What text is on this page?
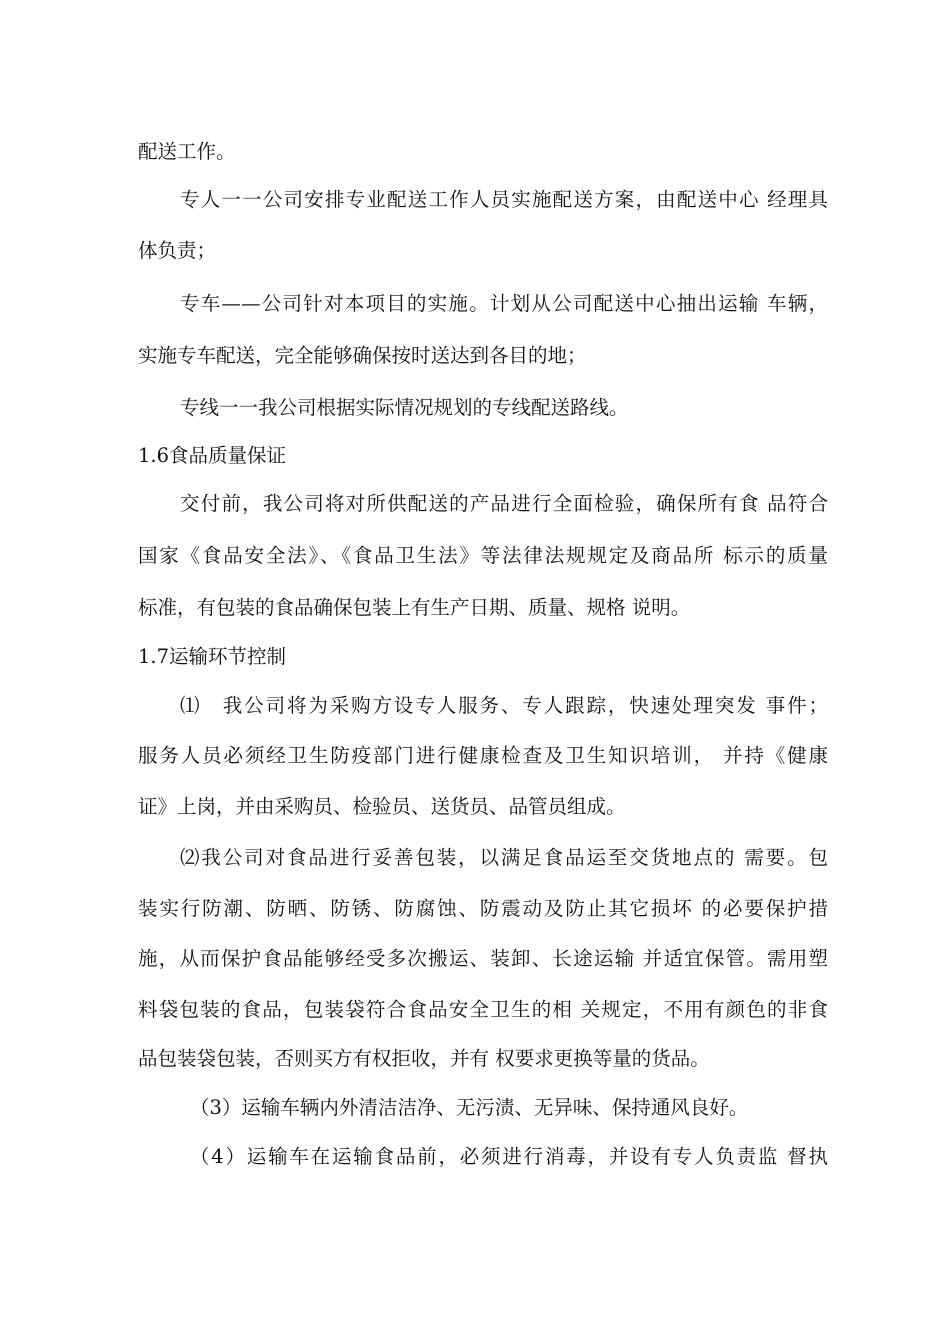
配送工作。
专人一一公司安排专业配送工作人员实施配送方案，由配送中心 经理具
体负责；
专车——公司针对本项目的实施。计划从公司配送中心抽出运输 车辆，
实施专车配送，完全能够确保按时送达到各目的地；
专线一一我公司根据实际情况规划的专线配送路线。
1.6食品质量保证
交付前，我公司将对所供配送的产品进行全面检验，确保所有食 品符合
国家《食品安全法》、《食品卫生法》等法律法规规定及商品所 标示的质量
标准，有包装的食品确保包装上有生产日期、质量、规格 说明。
1.7运输环节控制
⑴　我公司将为采购方设专人服务、专人跟踪，快速处理突发 事件；
服务人员必须经卫生防疫部门进行健康检查及卫生知识培训， 并持《健康
证》上岗，并由采购员、检验员、送货员、品管员组成。
⑵我公司对食品进行妥善包装，以满足食品运至交货地点的 需要。包
装实行防潮、防晒、防锈、防腐蚀、防震动及防止其它损坏 的必要保护措
施，从而保护食品能够经受多次搬运、装卸、长途运输 并适宜保管。需用塑
料袋包装的食品，包装袋符合食品安全卫生的相 关规定，不用有颜色的非食
品包装袋包装，否则买方有权拒收，并有 权要求更换等量的货品。
（3）运输车辆内外清洁洁净、无污渍、无异味、保持通风良好。
（4）运输车在运输食品前，必须进行消毒，并设有专人负责监 督执
